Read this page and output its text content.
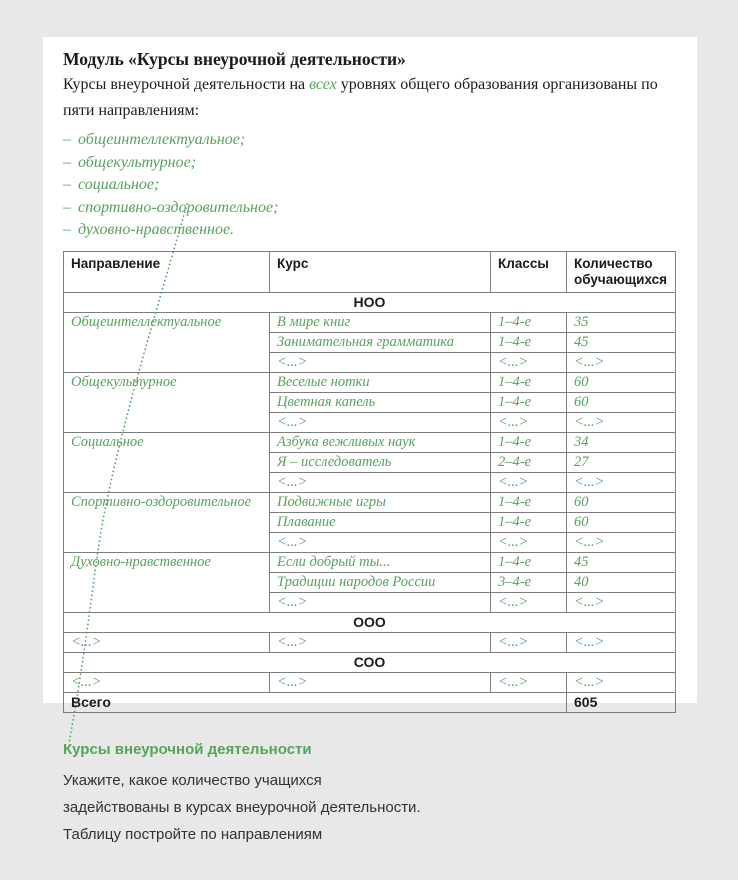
Модуль «Курсы внеурочной деятельности»
Курсы внеурочной деятельности на всех уровнях общего образования организованы по пяти направлениям:
– общеинтеллектуальное;
– общекультурное;
– социальное;
– спортивно-оздоровительное;
– духовно-нравственное.
Направление	Курс	Классы	Количество обучающихся
НОО			
Общеинтеллектуальное	В мире книг	1–4-е	35
	Занимательная грамматика	1–4-е	45
	<...>	<...>	<...>
Общекультурное	Веселые нотки	1–4-е	60
	Цветная капель	1–4-е	60
	<...>	<...>	<...>
Социальное	Азбука вежливых наук	1–4-е	34
	Я – исследователь	2–4-е	27
	<...>	<...>	<...>
Спортивно-оздоровительное	Подвижные игры	1–4-е	60
	Плавание	1–4-е	60
	<...>	<...>	<...>
Духовно-нравственное	Если добрый ты...	1–4-е	45
	Традиции народов России	3–4-е	40
	<...>	<...>	<...>
ООО			
<...>	<...>	<...>	<...>
СОО			
<...>	<...>	<...>	<...>
Всего			605
Курсы внеурочной деятельности
Укажите, какое количество учащихся
задействованы в курсах внеурочной деятельности.
Таблицу постройте по направлениям
